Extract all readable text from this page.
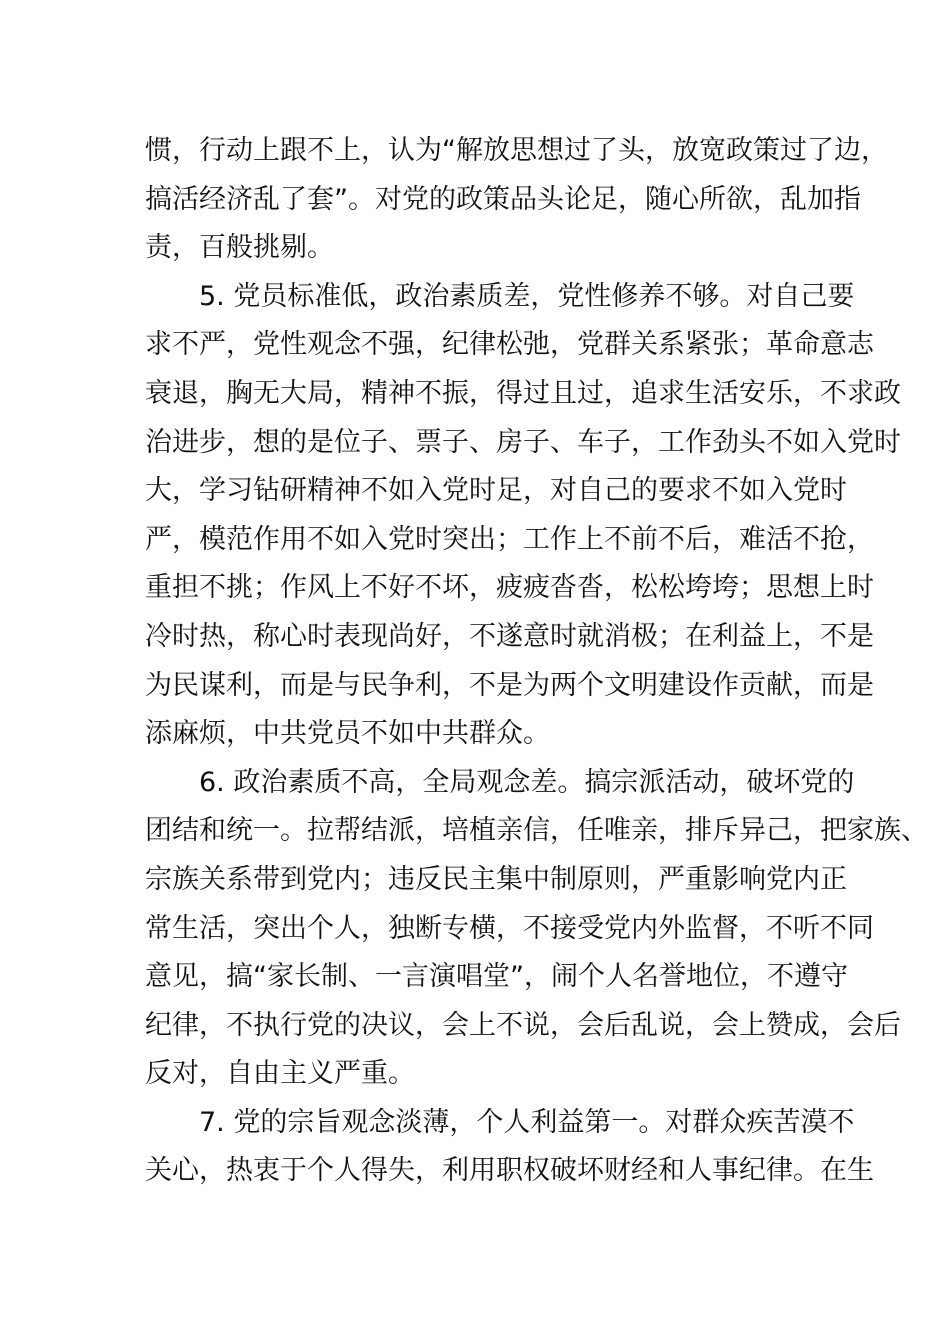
惯，行动上跟不上，认为“解放思想过了头，放宽政策过了边，
搞活经济乱了套”。对党的政策品头论足，随心所欲，乱加指
责，百般挑剔。
5. 党员标准低，政治素质差，党性修养不够。对自己要
求不严，党性观念不强，纪律松弛，党群关系紧张；革命意志
衰退，胸无大局，精神不振，得过且过，追求生活安乐，不求政
治进步，想的是位子、票子、房子、车子，工作劲头不如入党时
大，学习钻研精神不如入党时足，对自己的要求不如入党时
严，模范作用不如入党时突出；工作上不前不后，难活不抢，
重担不挑；作风上不好不坏，疲疲沓沓，松松垮垮；思想上时
冷时热，称心时表现尚好，不遂意时就消极；在利益上，不是
为民谋利，而是与民争利，不是为两个文明建设作贡献，而是
添麻烦，中共党员不如中共群众。
6. 政治素质不高，全局观念差。搞宗派活动，破坏党的
团结和统一。拉帮结派，培植亲信，任唯亲，排斥异己，把家族、
宗族关系带到党内；违反民主集中制原则，严重影响党内正
常生活，突出个人，独断专横，不接受党内外监督，不听不同
意见，搞“家长制、一言演唱堂”，闹个人名誉地位，不遵守
纪律，不执行党的决议，会上不说，会后乱说，会上赞成，会后
反对，自由主义严重。
7. 党的宗旨观念淡薄，个人利益第一。对群众疾苦漠不
关心，热衷于个人得失，利用职权破坏财经和人事纪律。在生
